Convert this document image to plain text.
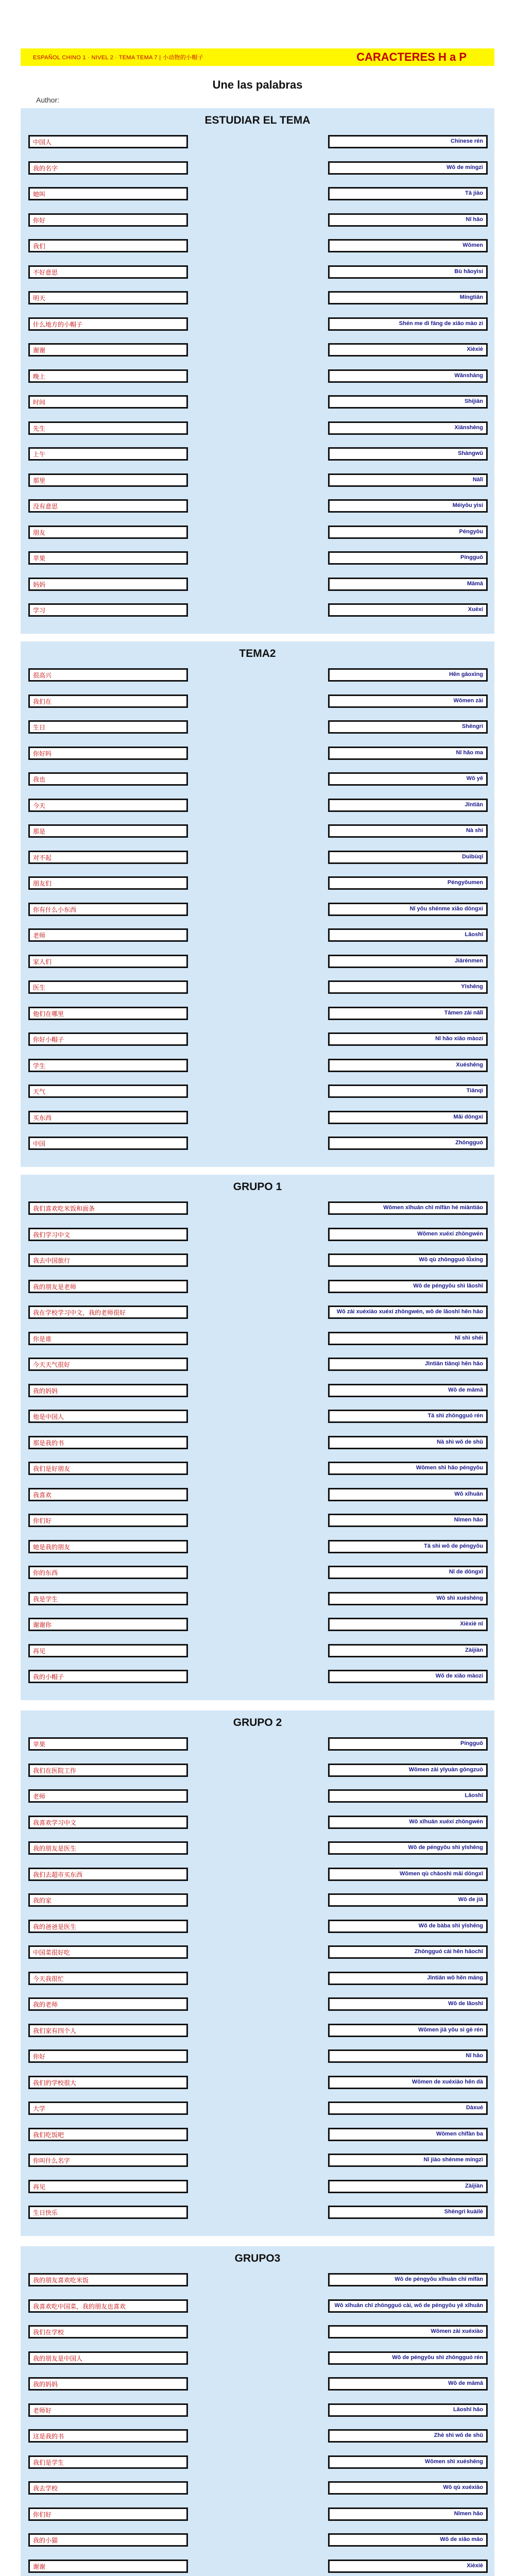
ESPAÑOL CHINO 1 · NIVEL 2 · TEMA TEMA 7 | 小动物的小帽子	CARACTERES H a P
Une las palabras
Author:
ESTUDIAR EL TEMA
中国人	Chinese rén
我的名字	Wǒ de míngzì
她叫	Tā jiào
你好	Nǐ hǎo
我们	Wǒmen
不好意思	Bù hǎoyìsi
明天	Míngtiān
什么地方的小帽子	Shén me dì fāng de xiǎo mào zi
谢谢	Xièxiè
晚上	Wǎnshàng
时间	Shíjiān
先生	Xiānshēng
上午	Shàngwǔ
那里	Nàlǐ
没有意思	Méiyǒu yìsi
朋友	Péngyǒu
苹果	Píngguǒ
妈妈	Māmā
学习	Xuéxí
TEMA2
很高兴	Hěn gāoxìng
我们在	Wǒmen zài
生日	Shēngrì
你好吗	Nǐ hǎo ma
我也	Wǒ yě
今天	Jīntiān
那是	Nà shì
对不起	Duìbùqǐ
朋友们	Péngyǒumen
你有什么小东西	Nǐ yǒu shénme xiǎo dōngxi
老师	Lǎoshī
家人们	Jiārénmen
医生	Yīshēng
他们在哪里	Tāmen zài nǎlǐ
你好小帽子	Nǐ hǎo xiǎo màozi
学生	Xuéshēng
天气	Tiānqì
买东西	Mǎi dōngxi
中国	Zhōngguó
GRUPO 1
我们喜欢吃米饭和面条	Wǒmen xǐhuān chī mǐfàn hé miàntiáo
我们学习中文	Wǒmen xuéxí zhōngwén
我去中国旅行	Wǒ qù zhōngguó lǚxíng
我的朋友是老师	Wǒ de péngyǒu shì lǎoshī
我在学校学习中文，我的老师很好	Wǒ zài xuéxiào xuéxí zhōngwén, wǒ de lǎoshī hěn hǎo
你是谁	Nǐ shì shéi
今天天气很好	Jīntiān tiānqì hěn hǎo
我的妈妈	Wǒ de māmā
他是中国人	Tā shì zhōngguó rén
那是我的书	Nà shì wǒ de shū
我们是好朋友	Wǒmen shì hǎo péngyǒu
我喜欢	Wǒ xǐhuān
你们好	Nǐmen hǎo
她是我的朋友	Tā shì wǒ de péngyǒu
你的东西	Nǐ de dōngxī
我是学生	Wǒ shì xuéshēng
谢谢你	Xièxiè nǐ
再见	Zàijiàn
我的小帽子	Wǒ de xiǎo màozi
GRUPO 2
苹果	Píngguǒ
我们在医院工作	Wǒmen zài yīyuàn gōngzuò
老师	Lǎoshī
我喜欢学习中文	Wǒ xǐhuān xuéxí zhōngwén
我的朋友是医生	Wǒ de péngyǒu shì yīshēng
我们去超市买东西	Wǒmen qù chāoshì mǎi dōngxī
我的家	Wǒ de jiā
我的爸爸是医生	Wǒ de bàba shì yīshēng
中国菜很好吃	Zhōngguó cài hěn hǎochī
今天我很忙	Jīntiān wǒ hěn máng
我的老师	Wǒ de lǎoshī
我们家有四个人	Wǒmen jiā yǒu sì gè rén
你好	Nǐ hǎo
我们的学校很大	Wǒmen de xuéxiào hěn dà
大学	Dàxué
我们吃饭吧	Wǒmen chīfàn ba
你叫什么名字	Nǐ jiào shénme míngzì
再见	Zàijiàn
生日快乐	Shēngrì kuàilè
GRUPO3
我的朋友喜欢吃米饭	Wǒ de péngyǒu xǐhuān chī mǐfàn
我喜欢吃中国菜，我的朋友也喜欢	Wǒ xǐhuān chī zhōngguó cài, wǒ de péngyǒu yě xǐhuān
我们在学校	Wǒmen zài xuéxiào
我的朋友是中国人	Wǒ de péngyǒu shì zhōngguó rén
我的妈妈	Wǒ de māmā
老师好	Lǎoshī hǎo
这是我的书	Zhè shì wǒ de shū
我们是学生	Wǒmen shì xuéshēng
我去学校	Wǒ qù xuéxiào
你们好	Nǐmen hǎo
我的小猫	Wǒ de xiǎo māo
谢谢	Xièxiè
